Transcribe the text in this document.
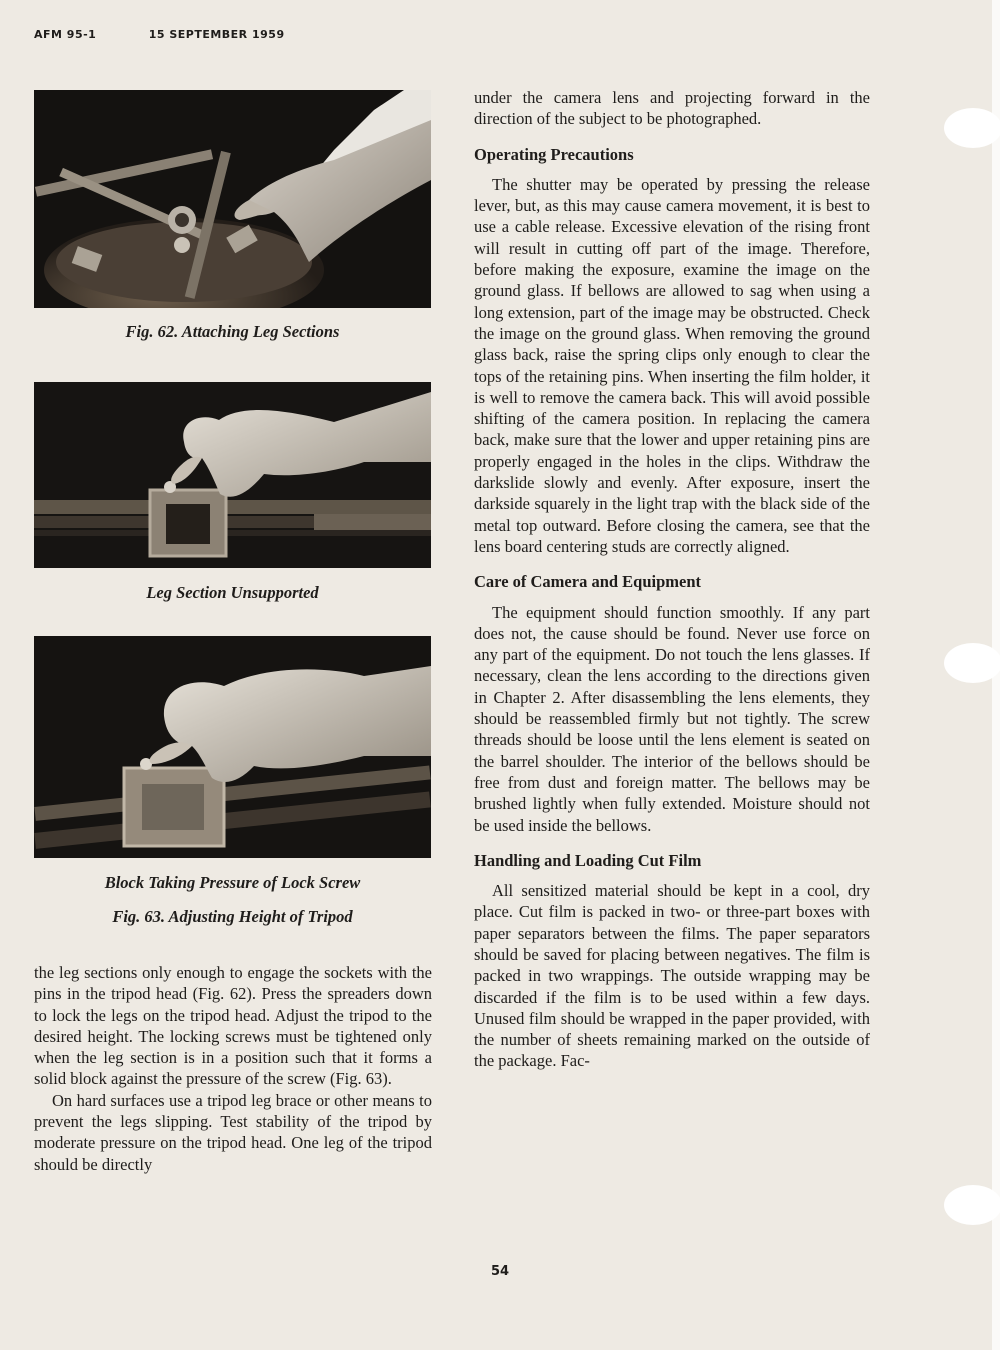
AFM 95-1	15 SEPTEMBER 1959
Fig. 62. Attaching Leg Sections
Leg Section Unsupported
Block Taking Pressure of Lock Screw
Fig. 63. Adjusting Height of Tripod

the leg sections only enough to engage the sockets with the pins in the tripod head (Fig. 62). Press the spreaders down to lock the legs on the tripod head. Adjust the tripod to the desired height. The locking screws must be tightened only when the leg section is in a position such that it forms a solid block against the pressure of the screw (Fig. 63).

On hard surfaces use a tripod leg brace or other means to prevent the legs slipping. Test stability of the tripod by moderate pressure on the tripod head. One leg of the tripod should be directly

under the camera lens and projecting forward in the direction of the subject to be photographed.

Operating Precautions

The shutter may be operated by pressing the release lever, but, as this may cause camera movement, it is best to use a cable release. Excessive elevation of the rising front will result in cutting off part of the image. Therefore, before making the exposure, examine the image on the ground glass. If bellows are allowed to sag when using a long extension, part of the image may be obstructed. Check the image on the ground glass. When removing the ground glass back, raise the spring clips only enough to clear the tops of the retaining pins. When inserting the film holder, it is well to remove the camera back. This will avoid possible shifting of the camera position. In replacing the camera back, make sure that the lower and upper retaining pins are properly engaged in the holes in the clips. Withdraw the darkslide slowly and evenly. After exposure, insert the darkside squarely in the light trap with the black side of the metal top outward. Before closing the camera, see that the lens board centering studs are correctly aligned.

Care of Camera and Equipment

The equipment should function smoothly. If any part does not, the cause should be found. Never use force on any part of the equipment. Do not touch the lens glasses. If necessary, clean the lens according to the directions given in Chapter 2. After disassembling the lens elements, they should be reassembled firmly but not tightly. The screw threads should be loose until the lens element is seated on the barrel shoulder. The interior of the bellows should be free from dust and foreign matter. The bellows may be brushed lightly when fully extended. Moisture should not be used inside the bellows.

Handling and Loading Cut Film

All sensitized material should be kept in a cool, dry place. Cut film is packed in two- or three-part boxes with paper separators between the films. The paper separators should be saved for placing between negatives. The film is packed in two wrappings. The outside wrapping may be discarded if the film is to be used within a few days. Unused film should be wrapped in the paper provided, with the number of sheets remaining marked on the outside of the package. Fac-

54
